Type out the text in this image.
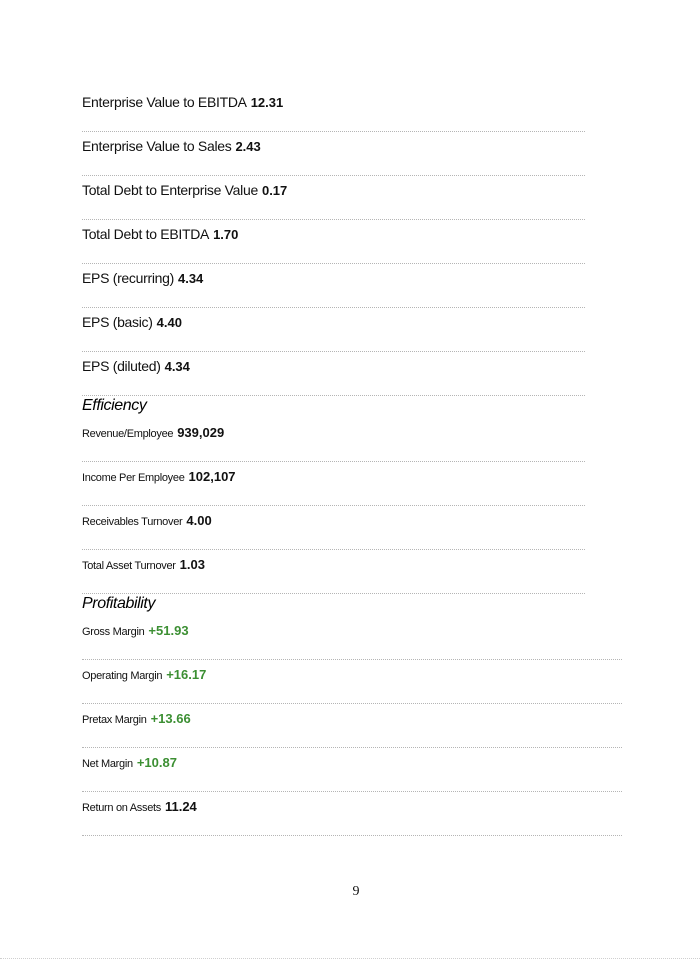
Enterprise Value to EBITDA 12.31
Enterprise Value to Sales 2.43
Total Debt to Enterprise Value 0.17
Total Debt to EBITDA 1.70
EPS (recurring) 4.34
EPS (basic) 4.40
EPS (diluted) 4.34
Efficiency
Revenue/Employee 939,029
Income Per Employee 102,107
Receivables Turnover 4.00
Total Asset Turnover 1.03
Profitability
Gross Margin +51.93
Operating Margin +16.17
Pretax Margin +13.66
Net Margin +10.87
Return on Assets 11.24
9
